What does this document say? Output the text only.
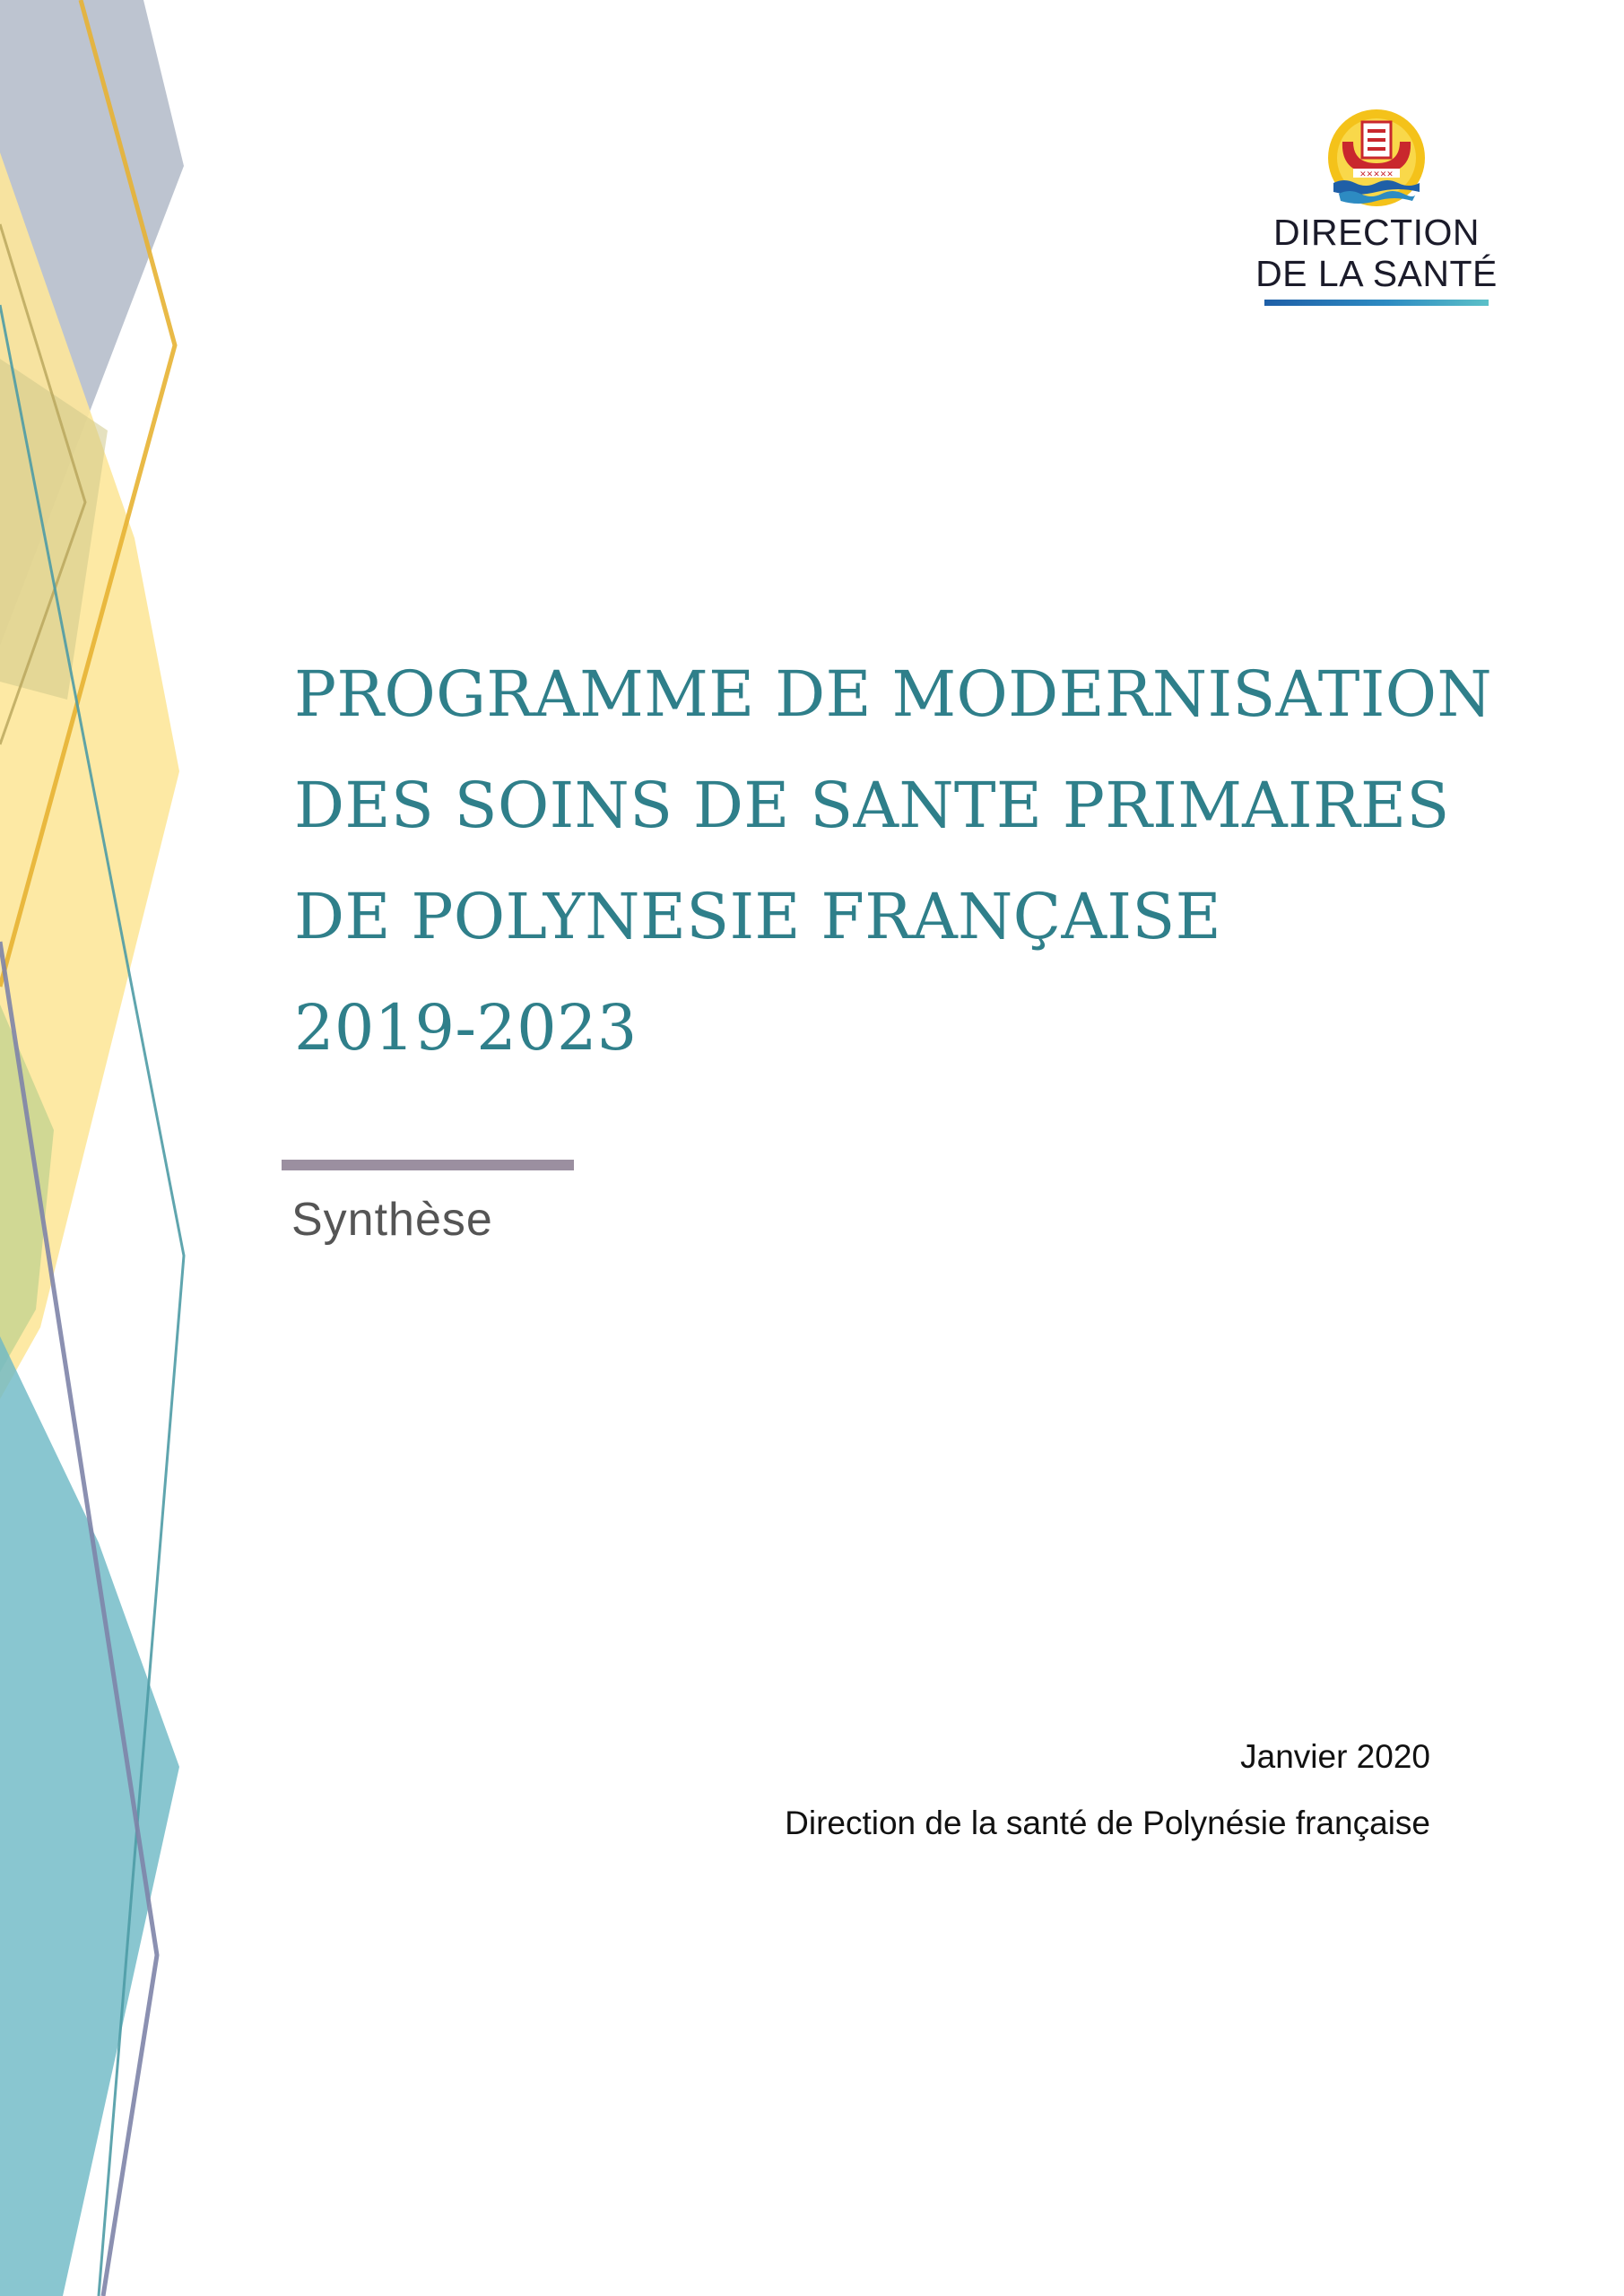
✕✕✕✕✕
DIRECTION
DE LA SANTÉ
PROGRAMME DE MODERNISATION
DES SOINS DE SANTE PRIMAIRES
DE POLYNESIE FRANÇAISE
2019-2023
Synthèse
Janvier 2020
Direction de la santé de Polynésie française
